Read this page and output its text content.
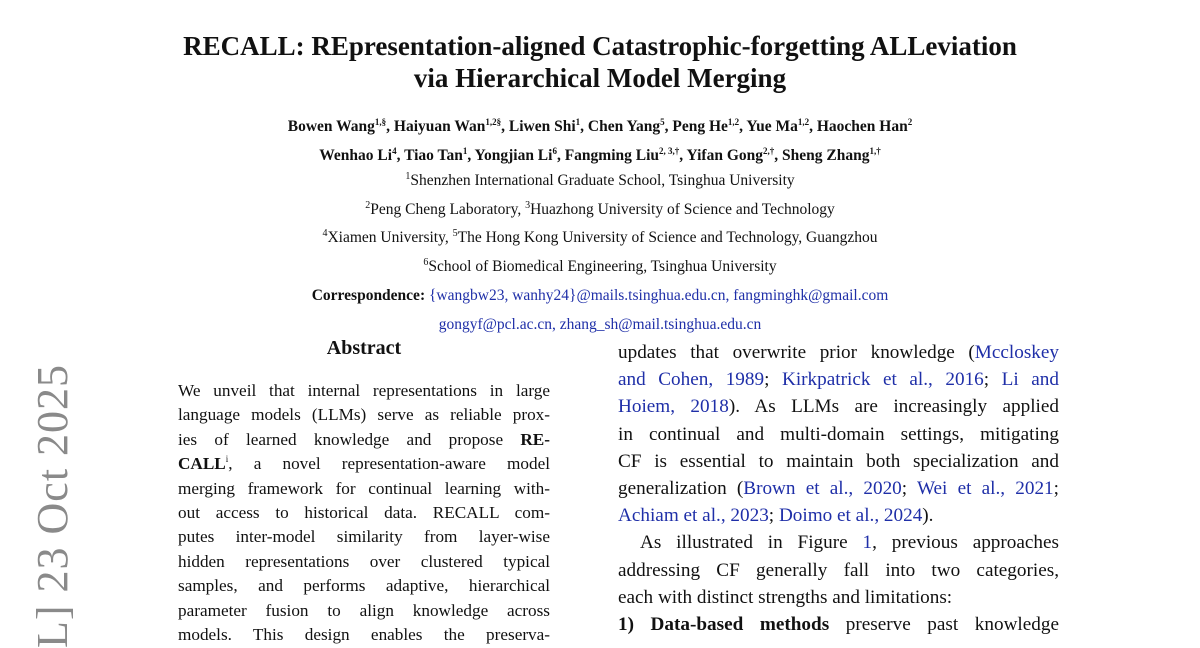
L] 23 Oct 2025
RECALL: REpresentation-aligned Catastrophic-forgetting ALLeviation
via Hierarchical Model Merging
Bowen Wang$^{1,\S}$, Haiyuan Wan$^{1,2\S}$, Liwen Shi$^1$, Chen Yang$^5$, Peng He$^{1,2}$, Yue Ma$^{1,2}$, Haochen Han$^2$
Wenhao Li$^4$, Tiao Tan$^1$, Yongjian Li$^6$, Fangming Liu$^{2, 3,\dagger}$, Yifan Gong$^{2,\dagger}$, Sheng Zhang$^{1,\dagger}$
$^1$Shenzhen International Graduate School, Tsinghua University
$^2$Peng Cheng Laboratory, $^3$Huazhong University of Science and Technology
$^4$Xiamen University, $^5$The Hong Kong University of Science and Technology, Guangzhou
$^6$School of Biomedical Engineering, Tsinghua University
Correspondence: {wangbw23, wanhy24}@mails.tsinghua.edu.cn, fangminghk@gmail.com
gongyf@pcl.ac.cn, zhang_sh@mail.tsinghua.edu.cn
Abstract
We unveil that internal representations in large
language models (LLMs) serve as reliable prox-
ies of learned knowledge and propose RE-
CALL$^i$, a novel representation-aware model
merging framework for continual learning with-
out access to historical data. RECALL com-
putes inter-model similarity from layer-wise
hidden representations over clustered typical
samples, and performs adaptive, hierarchical
parameter fusion to align knowledge across
models. This design enables the preserva-
updates that overwrite prior knowledge (Mccloskey
and Cohen, 1989; Kirkpatrick et al., 2016; Li and
Hoiem, 2018). As LLMs are increasingly applied
in continual and multi-domain settings, mitigating
CF is essential to maintain both specialization and
generalization (Brown et al., 2020; Wei et al., 2021;
Achiam et al., 2023; Doimo et al., 2024).
As illustrated in Figure 1, previous approaches
addressing CF generally fall into two categories,
each with distinct strengths and limitations:
1) Data-based methods preserve past knowledge
